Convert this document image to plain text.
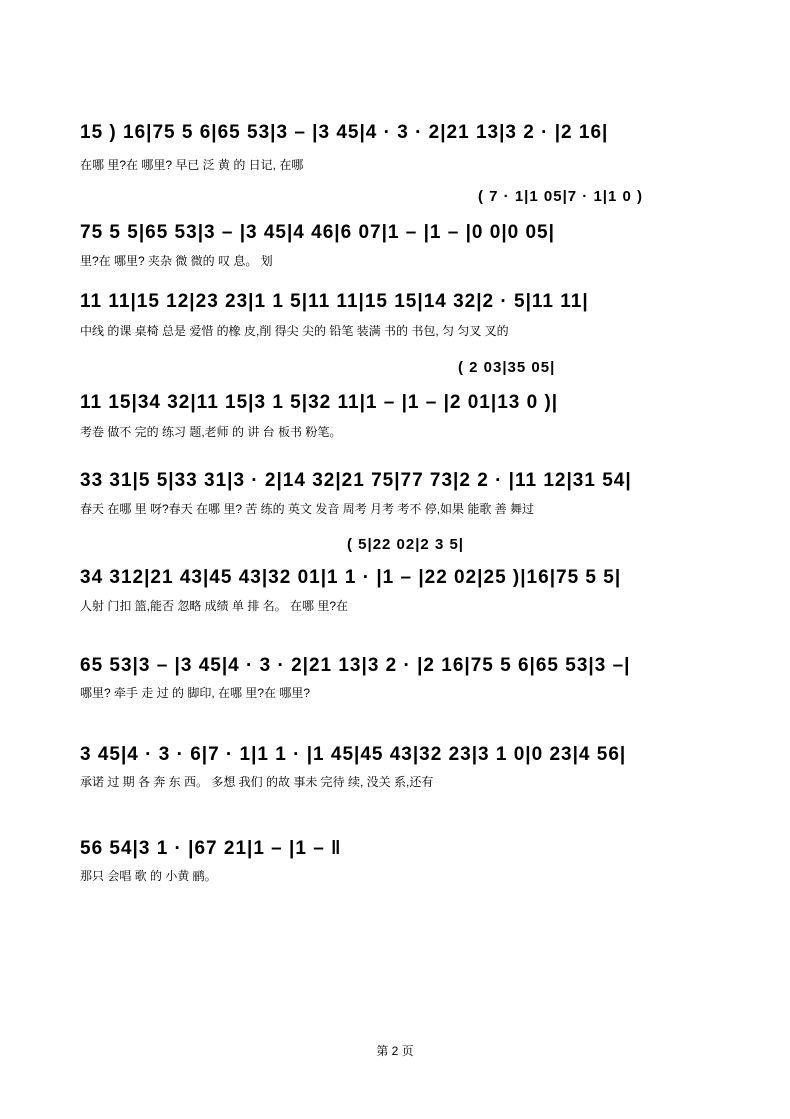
15 ) 16|75 5 6|65 53|3 – |3 45|4 · 3 · 2|21 13|3 2 · |2 16|
在哪 里?在 哪里? 早已 泛 黄 的 日记, 在哪
( 7 · 1|1 05|7 · 1|1 0 )
75 5 5|65 53|3 – |3 45|4 46|6 07|1 – |1 – |0 0|0 05|
里?在 哪里? 夹杂 微 微的 叹 息。 划
11 11|15 12|23 23|1 1 5|11 11|15 15|14 32|2 · 5|11 11|
中线 的课 桌椅 总是 爱惜 的橡 皮,削 得尖 尖的 铅笔 装满 书的 书包, 匀 匀叉 叉的
( 2 03|35 05|
11 15|34 32|11 15|3 1 5|32 11|1 – |1 – |2 01|13 0 )|
考卷 做不 完的 练习 题,老师 的 讲 台 板书 粉笔。
33 31|5 5|33 31|3 · 2|14 32|21 75|77 73|2 2 · |11 12|31 54|
春天 在哪 里 呀?春天 在哪 里? 苦 练的 英文 发音 周考 月考 考不 停,如果 能歌 善 舞过
( 5|22 02|2 3 5|
34 312|21 43|45 43|32 01|1 1 · |1 – |22 02|25 )|16|75 5 5|
人射 门扣 篮,能否 忽略 成绩 单 排 名。 在哪 里?在
65 53|3 – |3 45|4 · 3 · 2|21 13|3 2 · |2 16|75 5 6|65 53|3 –|
哪里? 牵手 走 过 的 脚印, 在哪 里?在 哪里?
3 45|4 · 3 · 6|7 · 1|1 1 · |1 45|45 43|32 23|3 1 0|0 23|4 56|
承诺 过 期 各 奔 东 西。 多想 我们 的故 事未 完待 续, 没关 系,还有
56 54|3 1 · |67 21|1 – |1 – ‖
那只 会唱 歌 的 小黄 鹂。
第 2 页
